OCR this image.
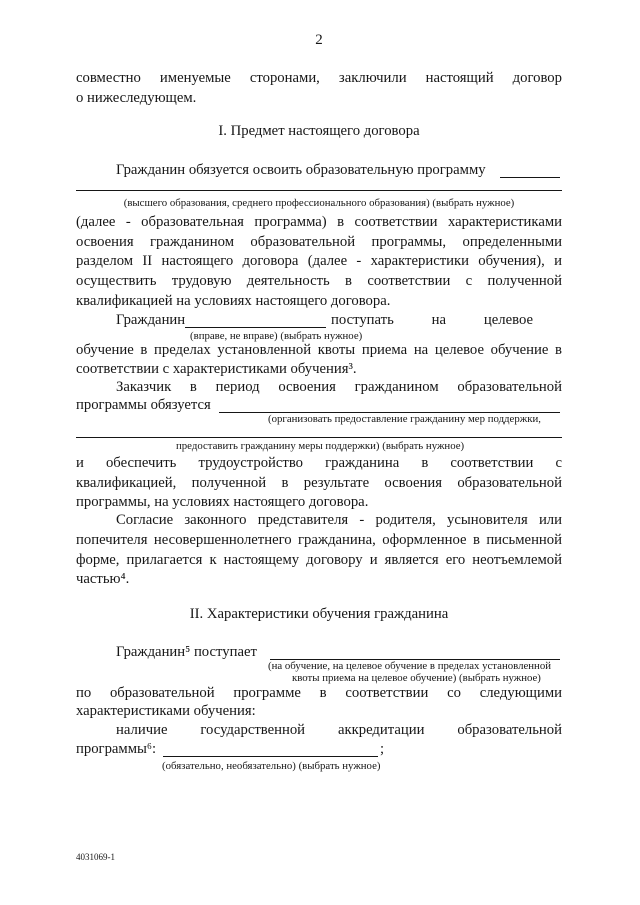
2
совместно именуемые сторонами, заключили настоящий договор
о нижеследующем.
I. Предмет настоящего договора
Гражданин обязуется освоить образовательную программу
(высшего образования, среднего профессионального образования) (выбрать нужное)
(далее - образовательная программа) в соответствии характеристиками
освоения гражданином образовательной программы, определенными
разделом II настоящего договора (далее - характеристики обучения), и
осуществить трудовую деятельность в соответствии с полученной
квалификацией на условиях настоящего договора.
Гражданин	поступать на целевое
(вправе, не вправе) (выбрать нужное)
обучение в пределах установленной квоты приема на целевое обучение в
соответствии с характеристиками обучения³.
Заказчик в период освоения гражданином образовательной
программы обязуется
(организовать предоставление гражданину мер поддержки,
предоставить гражданину меры поддержки) (выбрать нужное)
и обеспечить трудоустройство гражданина в соответствии с
квалификацией, полученной в результате освоения образовательной
программы, на условиях настоящего договора.
Согласие законного представителя - родителя, усыновителя или
попечителя несовершеннолетнего гражданина, оформленное в письменной
форме, прилагается к настоящему договору и является его неотъемлемой
частью⁴.
II. Характеристики обучения гражданина
Гражданин⁵ поступает
(на обучение, на целевое обучение в пределах установленной
квоты приема на целевое обучение) (выбрать нужное)
по образовательной программе в соответствии со следующими
характеристиками обучения:
наличие государственной аккредитации образовательной
программы⁶:	;
(обязательно, необязательно) (выбрать нужное)
4031069-1
